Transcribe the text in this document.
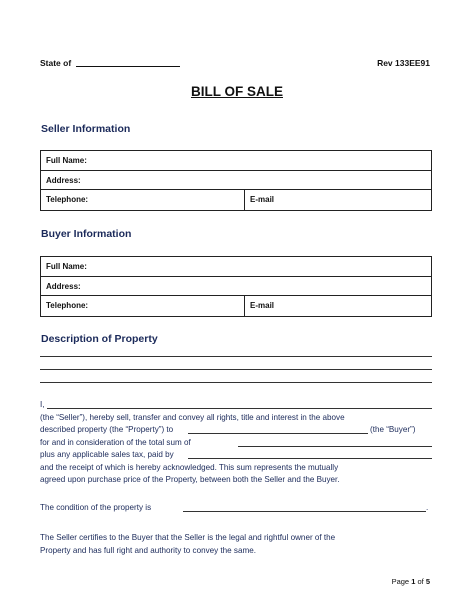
State of	Rev 133EE91
BILL OF SALE
Seller Information
Full Name:
Address:
Telephone:	E-mail
Buyer Information
Full Name:
Address:
Telephone:	E-mail
Description of Property
I,
(the “Seller”), hereby sell, transfer and convey all rights, title and interest in the above
described property (the “Property”) to	(the “Buyer”)
for and in consideration of the total sum of
plus any applicable sales tax, paid by
and the receipt of which is hereby acknowledged. This sum represents the mutually
agreed upon purchase price of the Property, between both the Seller and the Buyer.
The condition of the property is	.
The Seller certifies to the Buyer that the Seller is the legal and rightful owner of the
Property and has full right and authority to convey the same.
Page 1 of 5
